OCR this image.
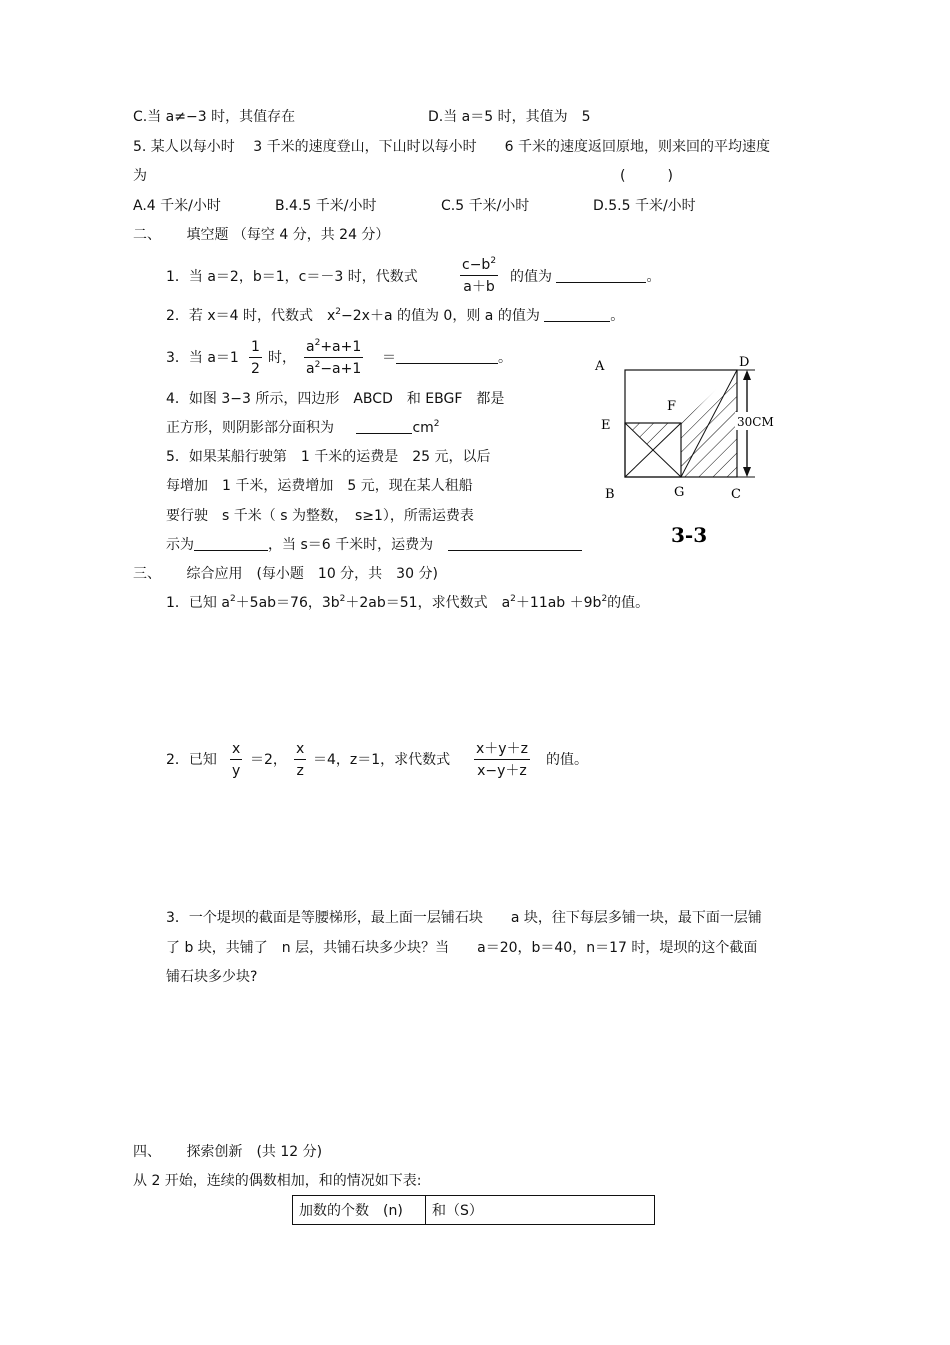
C.当 a≠−3 时，其值存在	D.当 a＝5 时，其值为　5
5. 某人以每小时　 3 千米的速度登山，下山时以每小时　　6 千米的速度返回原地，则来回的平均速度
为	(　　　)
A.4 千米/小时	B.4.5 千米/小时	C.5 千米/小时	D.5.5 千米/小时
二、　　 填空题 （每空 4 分，共 24 分）
1．当 a＝2，b＝1，c＝－3 时，代数式	$\frac{c-b^2}{a+b}$ 的值为	。
2．若 x＝4 时，代数式　$x^2-2x+a$ 的值为 0，则 a 的值为	。
3．当 $a=1 \frac{1}{2}$ 时， $\frac{a^2+a+1}{a^2-a+1}$ ＝	。
4．如图 3−3 所示，四边形　ABCD　和 EBGF　都是
正方形，则阴影部分面积为	$cm^2$
5．如果某船行驶第　1 千米的运费是　25 元，以后
每增加　1 千米，运费增加　5 元，现在某人租船
要行驶　s 千米（ s 为整数，　s≥1），所需运费表
示为	，当 s＝6 千米时，运费为
30CM
A	D
E
F
B	G	C
3-3
三、　　 综合应用　(每小题　10 分，共　30 分)
1．已知 $a^2+5ab=76$，$3b^2+2ab=51$，求代数式　$a^2+11ab +9b^2$的值。
2．已知 $\frac{x}{y} =2$， $\frac{x}{z} =4$，z＝1，求代数式 $\frac{x+y+z}{x-y+z}$ 的值。
3．一个堤坝的截面是等腰梯形，最上面一层铺石块　　a 块，往下每层多铺一块，最下面一层铺
了 b 块，共铺了　n 层，共铺石块多少块？当　　a＝20，b＝40，n＝17 时，堤坝的这个截面
铺石块多少块?
四、　　 探索创新　(共 12 分)
从 2 开始，连续的偶数相加，和的情况如下表:
加数的个数　(n)	和（S）
